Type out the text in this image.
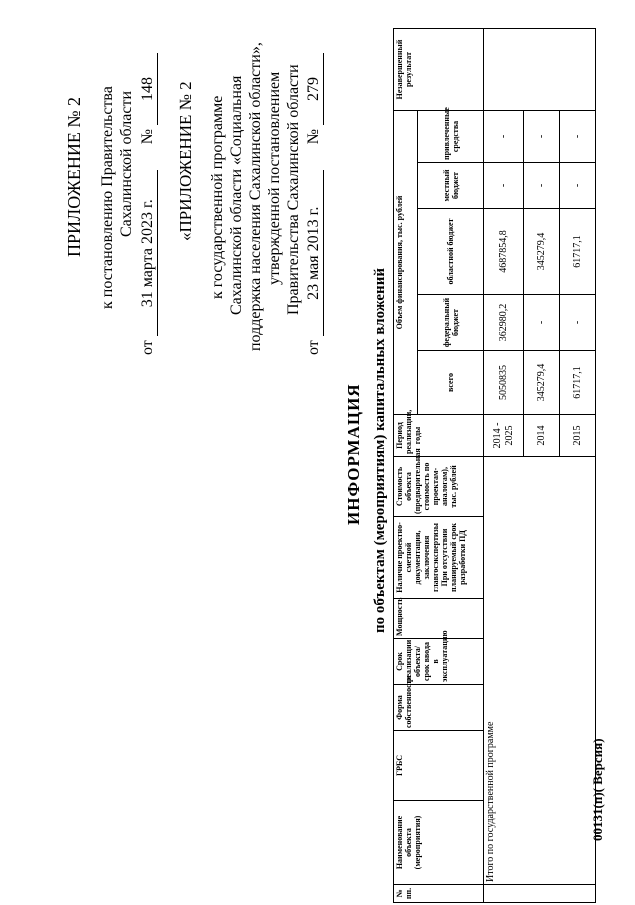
ПРИЛОЖЕНИЕ № 2 к постановлению Правительства Сахалинской области
от 31 марта 2023 г.  № 148 «ПРИЛОЖЕНИЕ № 2 к государственной программе Сахалинской области «Социальная поддержка населения Сахалинской области», утвержденной постановлением Правительства Сахалинской области
от 23 мая 2013 г.  № 279
ИНФОРМАЦИЯ по объектам (мероприятиям) капитальных вложений
№ пп.	Наименование объекта (мероприятия)	ГРБС	Форма собственности	Срок реализации объекта/срок ввода в эксплуатацию	Мощность	Наличие проектно-сметной документации, заключения главгосэкспертизы При отсутствии планируемый срок разработки ПД	Стоимость объекта (предварительная стоимость по проектам-аналогам), тыс. рублей	Период реализации, годы	Объем финансирования, тыс. рублей					Незавершенный результат
									всего	федеральный бюджет	областной бюджет	местный бюджет	привлеченные средства	

	Итого по государственной программе							2014 - 2025	5050835	362980,2	4687854,8	-	-	
								2014	345279,4	-	345279,4	-	-	
								2015	61717,1	-	61717,1	-	-	
00131(п)( Версия)
